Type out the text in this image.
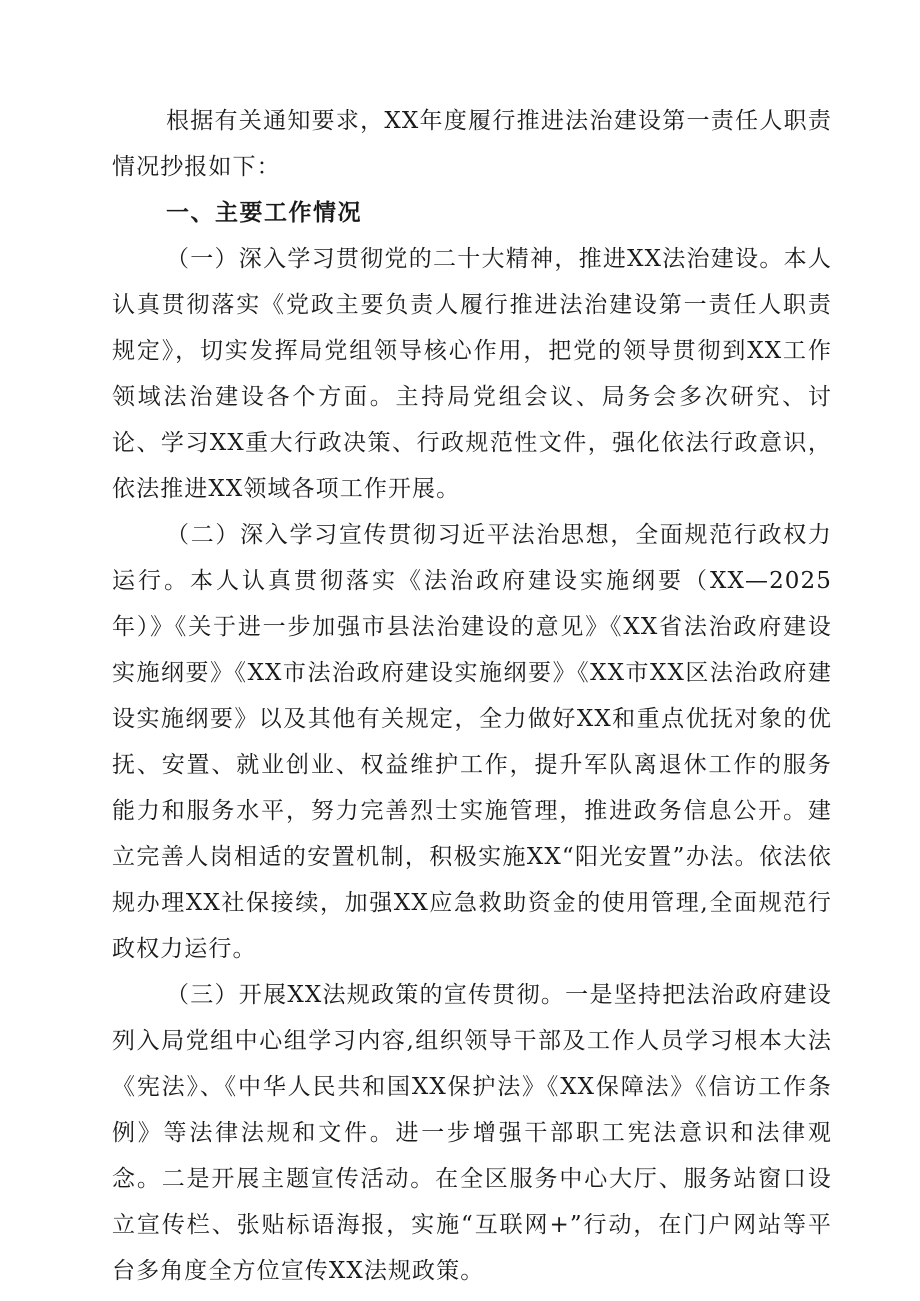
根据有关通知要求，XX年度履行推进法治建设第一责任人职责情况抄报如下：

一、主要工作情况

（一）深入学习贯彻党的二十大精神，推进XX法治建设。本人认真贯彻落实《党政主要负责人履行推进法治建设第一责任人职责规定》，切实发挥局党组领导核心作用，把党的领导贯彻到XX工作领域法治建设各个方面。主持局党组会议、局务会多次研究、讨论、学习XX重大行政决策、行政规范性文件，强化依法行政意识，依法推进XX领域各项工作开展。

（二）深入学习宣传贯彻习近平法治思想，全面规范行政权力运行。本人认真贯彻落实《法治政府建设实施纲要（XX—2025年）》《关于进一步加强市县法治建设的意见》《XX省法治政府建设实施纲要》《XX市法治政府建设实施纲要》《XX市XX区法治政府建设实施纲要》以及其他有关规定，全力做好XX和重点优抚对象的优抚、安置、就业创业、权益维护工作，提升军队离退休工作的服务能力和服务水平，努力完善烈士实施管理，推进政务信息公开。建立完善人岗相适的安置机制，积极实施XX“阳光安置”办法。依法依规办理XX社保接续，加强XX应急救助资金的使用管理,全面规范行政权力运行。

（三）开展XX法规政策的宣传贯彻。一是坚持把法治政府建设列入局党组中心组学习内容,组织领导干部及工作人员学习根本大法《宪法》、《中华人民共和国XX保护法》《XX保障法》《信访工作条例》等法律法规和文件。进一步增强干部职工宪法意识和法律观念。二是开展主题宣传活动。在全区服务中心大厅、服务站窗口设立宣传栏、张贴标语海报，实施“互联网+”行动，在门户网站等平台多角度全方位宣传XX法规政策。
